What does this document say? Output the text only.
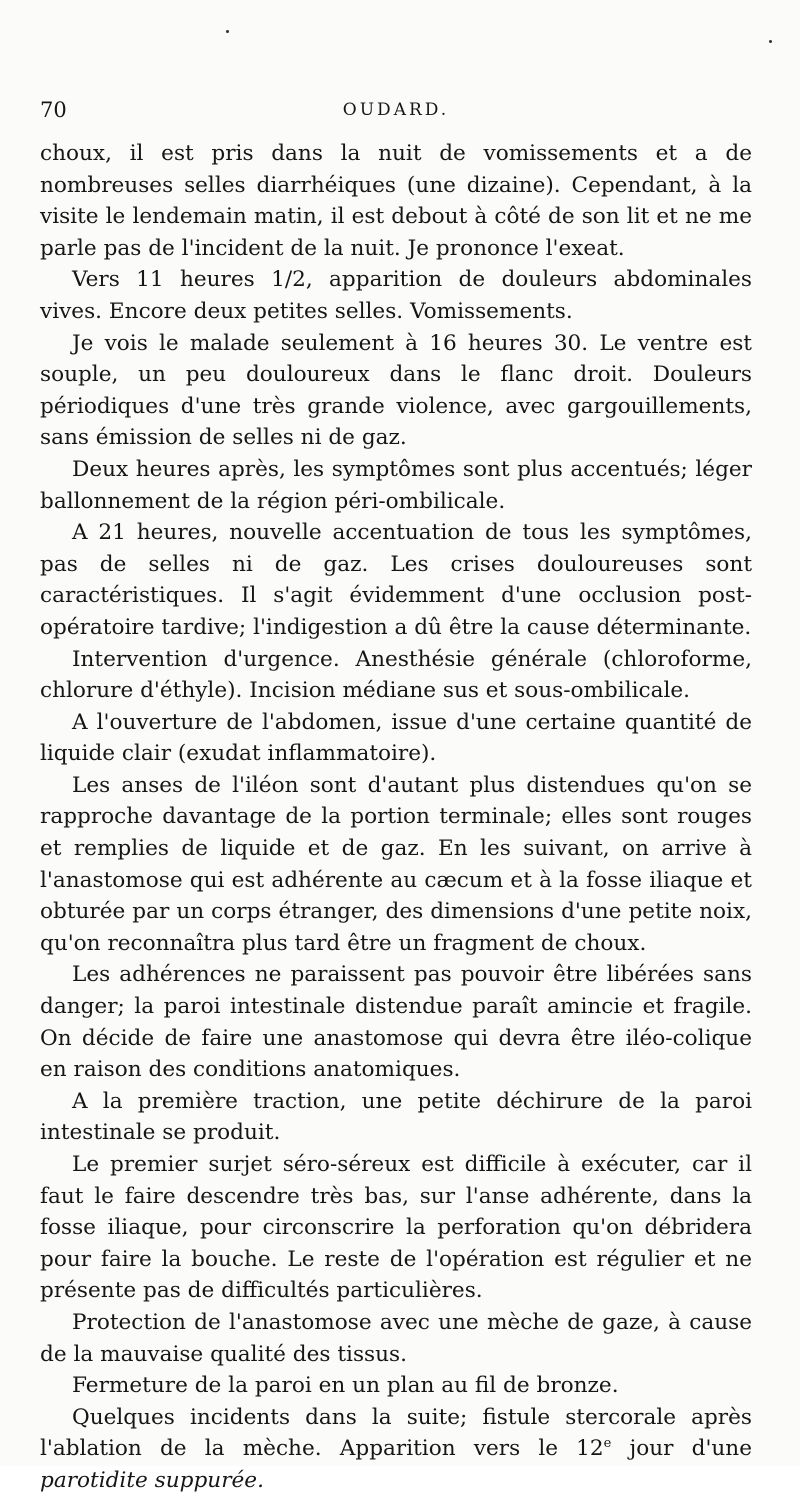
70	OUDARD.

choux, il est pris dans la nuit de vomissements et a de nombreuses selles diarrhéiques (une dizaine). Cependant, à la visite le lendemain matin, il est debout à côté de son lit et ne me parle pas de l'incident de la nuit. Je prononce l'exeat.

Vers 11 heures 1/2, apparition de douleurs abdominales vives. Encore deux petites selles. Vomissements.

Je vois le malade seulement à 16 heures 30. Le ventre est souple, un peu douloureux dans le flanc droit. Douleurs périodiques d'une très grande violence, avec gargouillements, sans émission de selles ni de gaz.

Deux heures après, les symptômes sont plus accentués; léger ballonnement de la région péri-ombilicale.

A 21 heures, nouvelle accentuation de tous les symptômes, pas de selles ni de gaz. Les crises douloureuses sont caractéristiques. Il s'agit évidemment d'une occlusion post-opératoire tardive; l'indigestion a dû être la cause déterminante.

Intervention d'urgence. Anesthésie générale (chloroforme, chlorure d'éthyle). Incision médiane sus et sous-ombilicale.

A l'ouverture de l'abdomen, issue d'une certaine quantité de liquide clair (exudat inflammatoire).

Les anses de l'iléon sont d'autant plus distendues qu'on se rapproche davantage de la portion terminale; elles sont rouges et remplies de liquide et de gaz. En les suivant, on arrive à l'anastomose qui est adhérente au cæcum et à la fosse iliaque et obturée par un corps étranger, des dimensions d'une petite noix, qu'on reconnaîtra plus tard être un fragment de choux.

Les adhérences ne paraissent pas pouvoir être libérées sans danger; la paroi intestinale distendue paraît amincie et fragile. On décide de faire une anastomose qui devra être iléo-colique en raison des conditions anatomiques.

A la première traction, une petite déchirure de la paroi intestinale se produit.

Le premier surjet séro-séreux est difficile à exécuter, car il faut le faire descendre très bas, sur l'anse adhérente, dans la fosse iliaque, pour circonscrire la perforation qu'on débridera pour faire la bouche. Le reste de l'opération est régulier et ne présente pas de difficultés particulières.

Protection de l'anastomose avec une mèche de gaze, à cause de la mauvaise qualité des tissus.

Fermeture de la paroi en un plan au fil de bronze.

Quelques incidents dans la suite; fistule stercorale après l'ablation de la mèche. Apparition vers le 12e jour d'une parotidite suppurée.
